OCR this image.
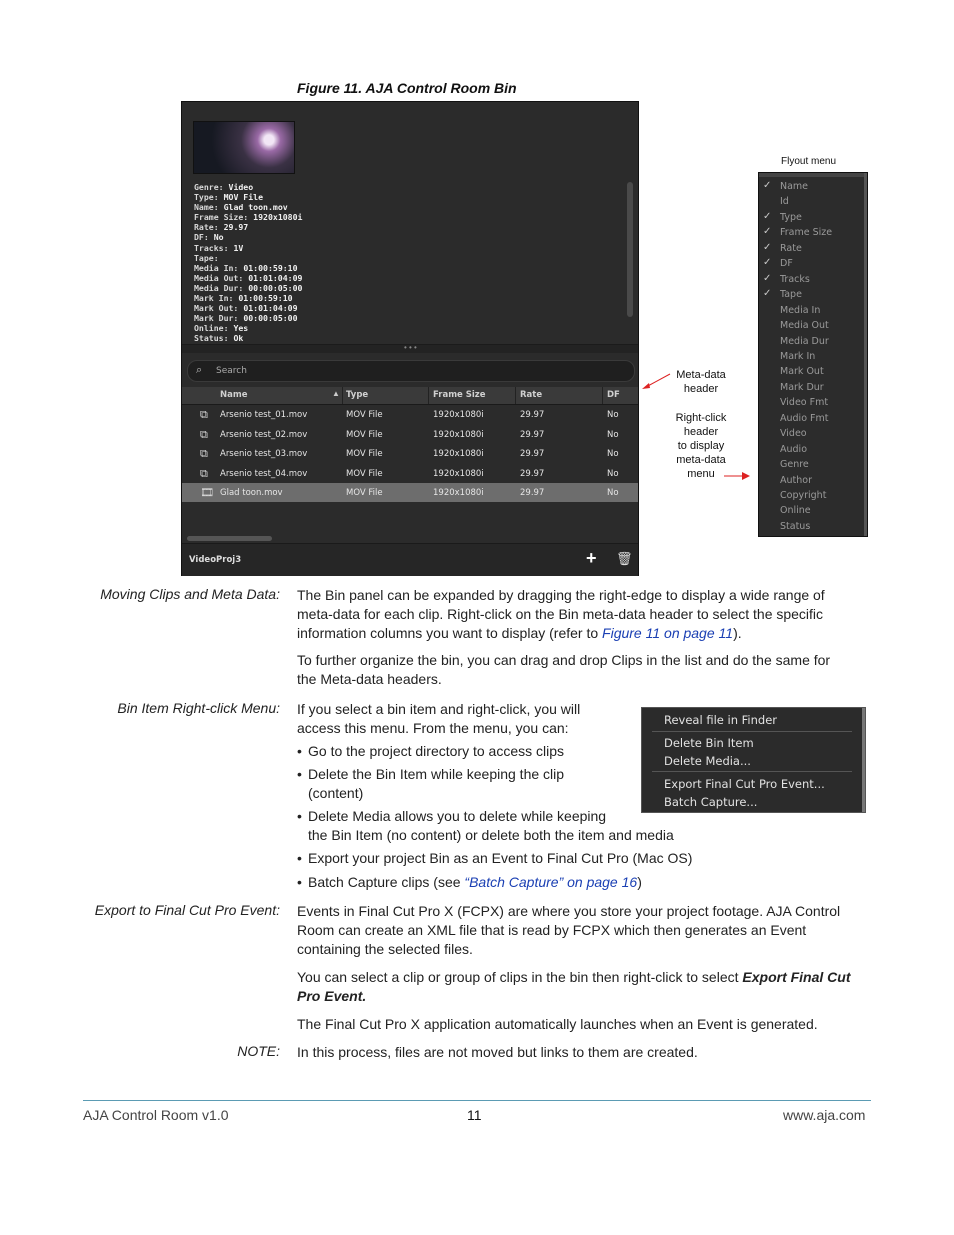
Figure 11. AJA Control Room Bin
Genre: Video
Type: MOV File
Name: Glad toon.mov
Frame Size: 1920x1080i
Rate: 29.97
DF: No
Tracks: 1V
Tape:
Media In: 01:00:59:10
Media Out: 01:01:04:09
Media Dur: 00:00:05:00
Mark In: 01:00:59:10
Mark Out: 01:01:04:09
Mark Dur: 00:00:05:00
Online: Yes
Status: Ok
• • •
⌕ Search
Name	▲ Type	Frame Size	Rate	DF
⧉ Arsenio test_01.mov	MOV File	1920x1080i	29.97	No
⧉ Arsenio test_02.mov	MOV File	1920x1080i	29.97	No
⧉ Arsenio test_03.mov	MOV File	1920x1080i	29.97	No
⧉ Arsenio test_04.mov	MOV File	1920x1080i	29.97	No
🎞 Glad toon.mov	MOV File	1920x1080i	29.97	No
VideoProj3	+ 🗑
Flyout menu
Meta-data
header
Right-click
header
to display
meta-data
menu
✓ Name
Id
✓ Type
✓ Frame Size
✓ Rate
✓ DF
✓ Tracks
✓ Tape
Media In
Media Out
Media Dur
Mark In
Mark Out
Mark Dur
Video Fmt
Audio Fmt
Video
Audio
Genre
Author
Copyright
Online
Status
Moving Clips and Meta Data: The Bin panel can be expanded by dragging the right-edge to display a wide range of
meta-data for each clip. Right-click on the Bin meta-data header to select the specific
information columns you want to display (refer to Figure 11 on page 11).
To further organize the bin, you can drag and drop Clips in the list and do the same for
the Meta-data headers.
Bin Item Right-click Menu: If you select a bin item and right-click, you will
access this menu. From the menu, you can:
• Go to the project directory to access clips
• Delete the Bin Item while keeping the clip
(content)
• Delete Media allows you to delete while keeping
the Bin Item (no content) or delete both the item and media
• Export your project Bin as an Event to Final Cut Pro (Mac OS)
• Batch Capture clips (see “Batch Capture” on page 16)
Reveal file in Finder
Delete Bin Item
Delete Media...
Export Final Cut Pro Event...
Batch Capture...
Export to Final Cut Pro Event: Events in Final Cut Pro X (FCPX) are where you store your project footage. AJA Control
Room can create an XML file that is read by FCPX which then generates an Event
containing the selected files.
You can select a clip or group of clips in the bin then right-click to select Export Final Cut
Pro Event.
The Final Cut Pro X application automatically launches when an Event is generated.
NOTE: In this process, files are not moved but links to them are created.
AJA Control Room v1.0	11	www.aja.com
